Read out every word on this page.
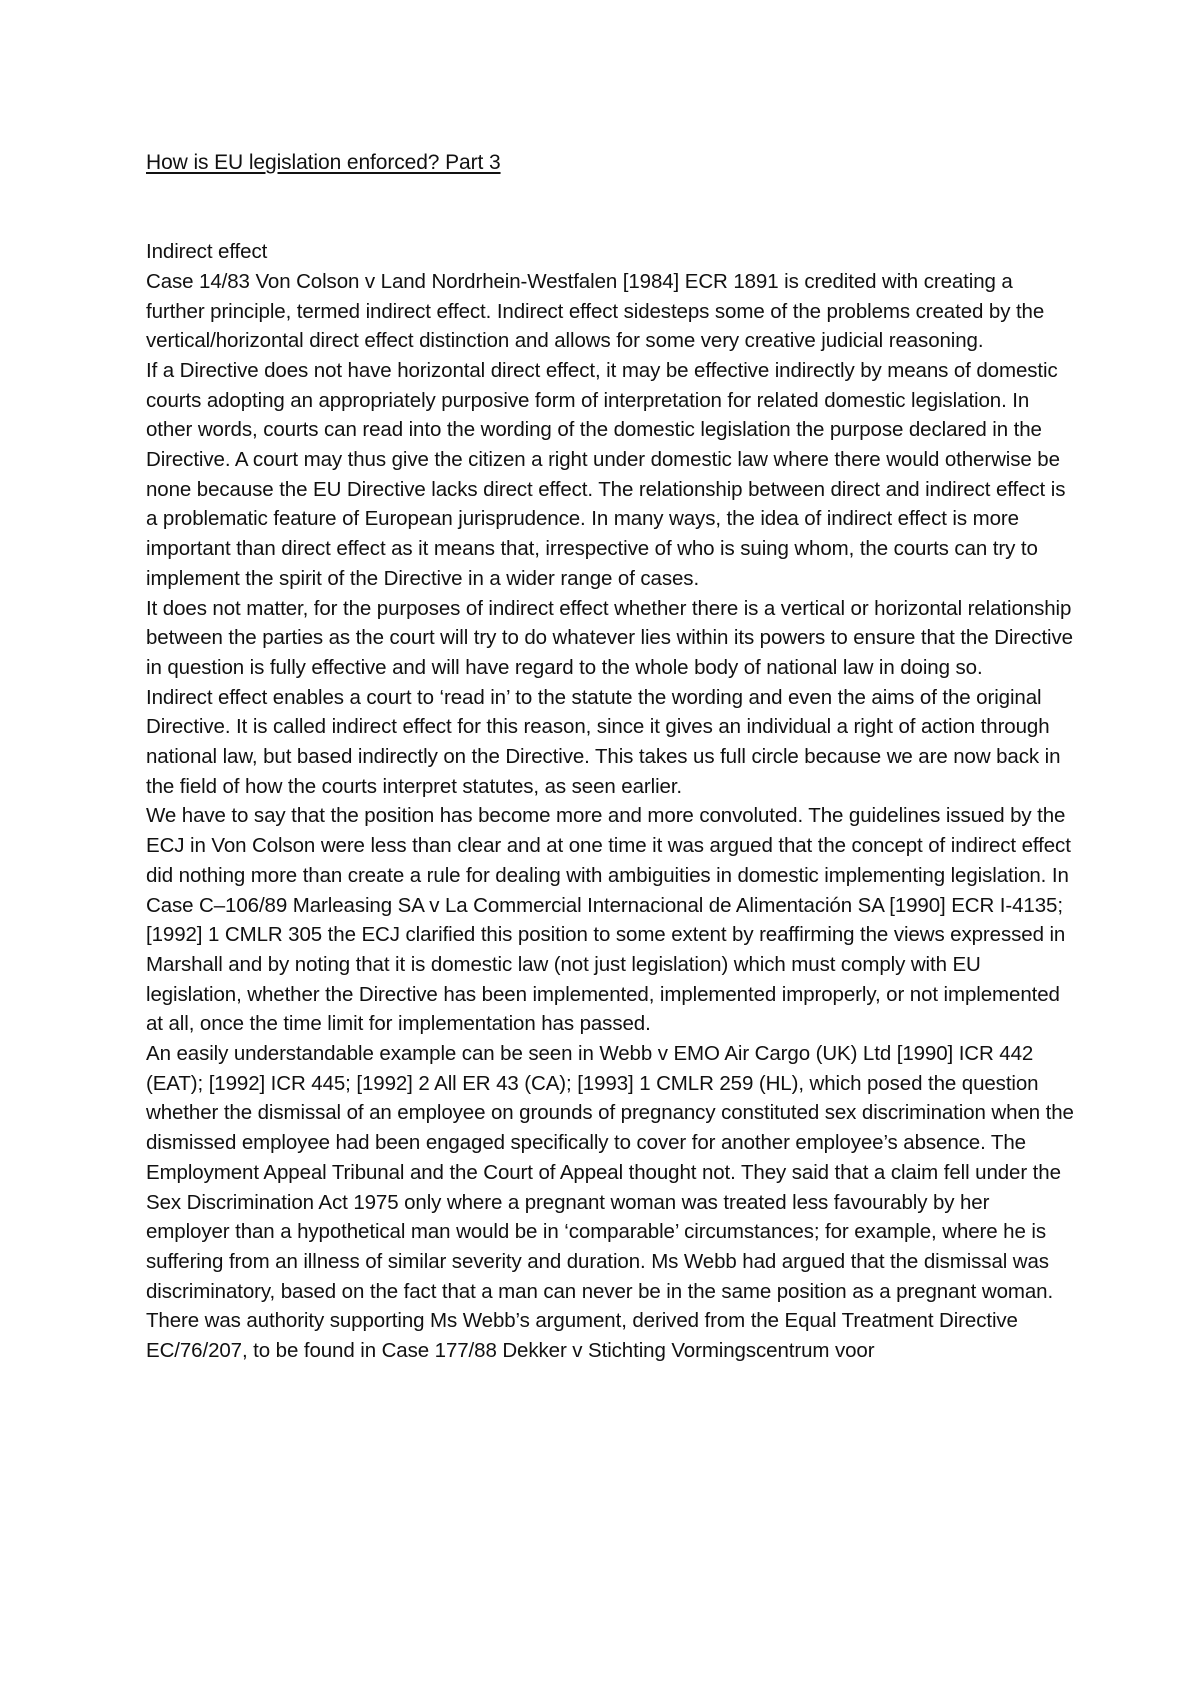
How is EU legislation enforced? Part 3
Indirect effect

Case 14/83 Von Colson v Land Nordrhein-Westfalen [1984] ECR 1891 is credited with creating a further principle, termed indirect effect. Indirect effect sidesteps some of the problems created by the vertical/horizontal direct effect distinction and allows for some very creative judicial reasoning.

If a Directive does not have horizontal direct effect, it may be effective indirectly by means of domestic courts adopting an appropriately purposive form of interpretation for related domestic legislation. In other words, courts can read into the wording of the domestic legislation the purpose declared in the Directive. A court may thus give the citizen a right under domestic law where there would otherwise be none because the EU Directive lacks direct effect. The relationship between direct and indirect effect is a problematic feature of European jurisprudence. In many ways, the idea of indirect effect is more important than direct effect as it means that, irrespective of who is suing whom, the courts can try to implement the spirit of the Directive in a wider range of cases.

It does not matter, for the purposes of indirect effect whether there is a vertical or horizontal relationship between the parties as the court will try to do whatever lies within its powers to ensure that the Directive in question is fully effective and will have regard to the whole body of national law in doing so.

Indirect effect enables a court to ‘read in’ to the statute the wording and even the aims of the original Directive. It is called indirect effect for this reason, since it gives an individual a right of action through national law, but based indirectly on the Directive. This takes us full circle because we are now back in the field of how the courts interpret statutes, as seen earlier.

We have to say that the position has become more and more convoluted. The guidelines issued by the ECJ in Von Colson were less than clear and at one time it was argued that the concept of indirect effect did nothing more than create a rule for dealing with ambiguities in domestic implementing legislation. In Case C–106/89 Marleasing SA v La Commercial Internacional de Alimentación SA [1990] ECR I-4135; [1992] 1 CMLR 305 the ECJ clarified this position to some extent by reaffirming the views expressed in Marshall and by noting that it is domestic law (not just legislation) which must comply with EU legislation, whether the Directive has been implemented, implemented improperly, or not implemented at all, once the time limit for implementation has passed.

An easily understandable example can be seen in Webb v EMO Air Cargo (UK) Ltd [1990] ICR 442 (EAT); [1992] ICR 445; [1992] 2 All ER 43 (CA); [1993] 1 CMLR 259 (HL), which posed the question whether the dismissal of an employee on grounds of pregnancy constituted sex discrimination when the dismissed employee had been engaged specifically to cover for another employee’s absence. The Employment Appeal Tribunal and the Court of Appeal thought not. They said that a claim fell under the Sex Discrimination Act 1975 only where a pregnant woman was treated less favourably by her employer than a hypothetical man would be in ‘comparable’ circumstances; for example, where he is suffering from an illness of similar severity and duration. Ms Webb had argued that the dismissal was discriminatory, based on the fact that a man can never be in the same position as a pregnant woman.

There was authority supporting Ms Webb’s argument, derived from the Equal Treatment Directive EC/76/207, to be found in Case 177/88 Dekker v Stichting Vormingscentrum voor
